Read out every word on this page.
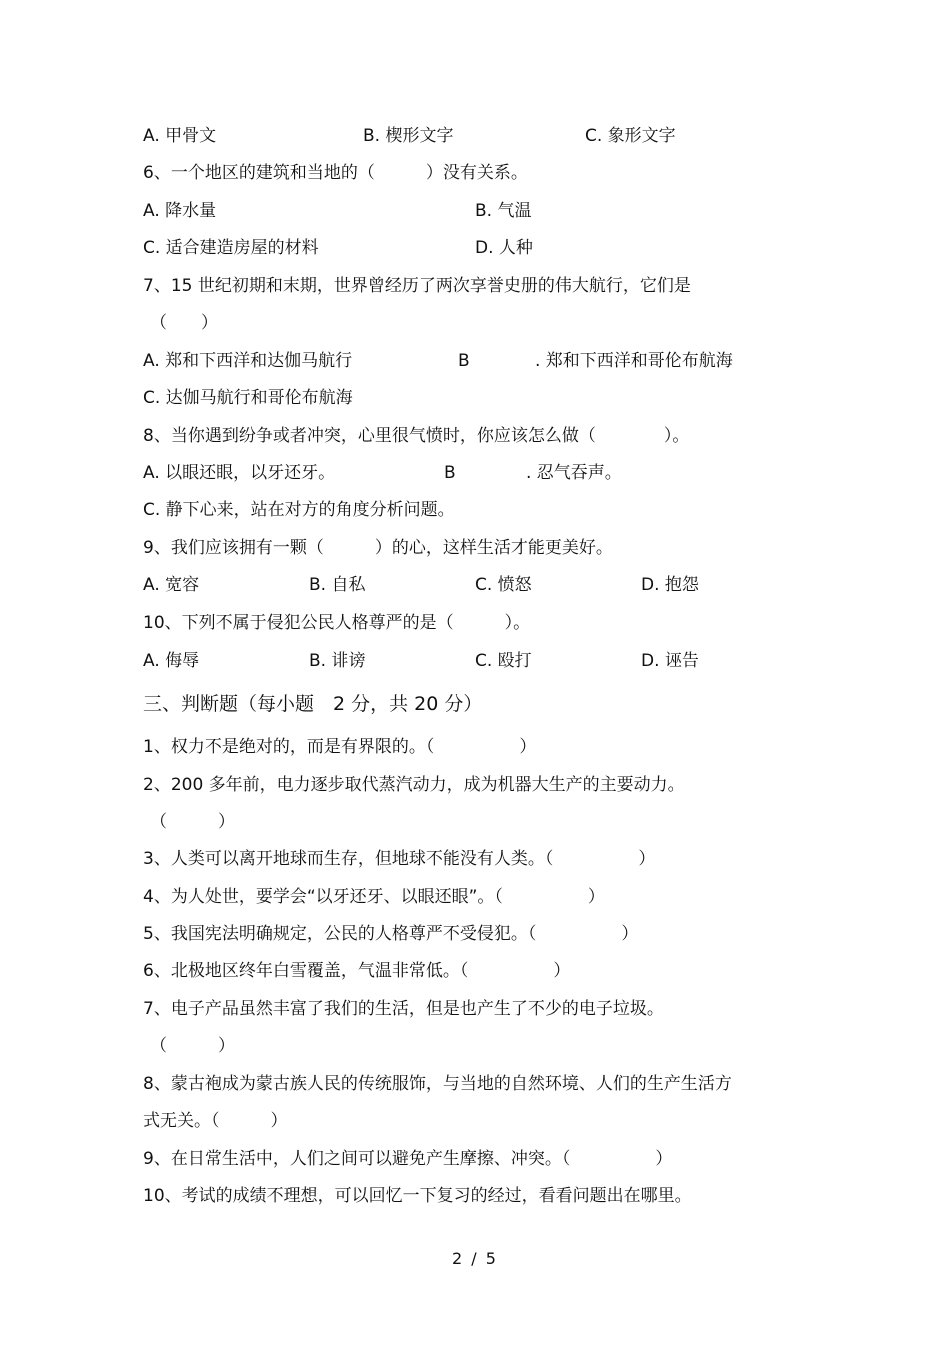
A. 甲骨文	B. 楔形文字	C. 象形文字
6、一个地区的建筑和当地的（　　　）没有关系。
A. 降水量	B. 气温
C. 适合建造房屋的材料	D. 人种
7、15 世纪初期和末期，世界曾经历了两次享誉史册的伟大航行，它们是
（　　）
A. 郑和下西洋和达伽马航行	B	. 郑和下西洋和哥伦布航海
C. 达伽马航行和哥伦布航海
8、当你遇到纷争或者冲突，心里很气愤时，你应该怎么做（　　　　）。
A. 以眼还眼，以牙还牙。	B	. 忍气吞声。
C. 静下心来，站在对方的角度分析问题。
9、我们应该拥有一颗（　　　）的心，这样生活才能更美好。
A. 宽容	B. 自私	C. 愤怒	D. 抱怨
10、下列不属于侵犯公民人格尊严的是（　　　）。
A. 侮辱	B. 诽谤	C. 殴打	D. 诬告
三、判断题（每小题　2 分，共 20 分）
1、权力不是绝对的，而是有界限的。（　　　　　）
2、200 多年前，电力逐步取代蒸汽动力，成为机器大生产的主要动力。
（　　　）
3、人类可以离开地球而生存，但地球不能没有人类。（　　　　　）
4、为人处世，要学会“以牙还牙、以眼还眼”。（　　　　　）
5、我国宪法明确规定，公民的人格尊严不受侵犯。（　　　　　）
6、北极地区终年白雪覆盖，气温非常低。（　　　　　）
7、电子产品虽然丰富了我们的生活，但是也产生了不少的电子垃圾。
（　　　）
8、蒙古袍成为蒙古族人民的传统服饰，与当地的自然环境、人们的生产生活方
式无关。（　　　）
9、在日常生活中，人们之间可以避免产生摩擦、冲突。（　　　　　）
10、考试的成绩不理想，可以回忆一下复习的经过，看看问题出在哪里。
2 / 5
